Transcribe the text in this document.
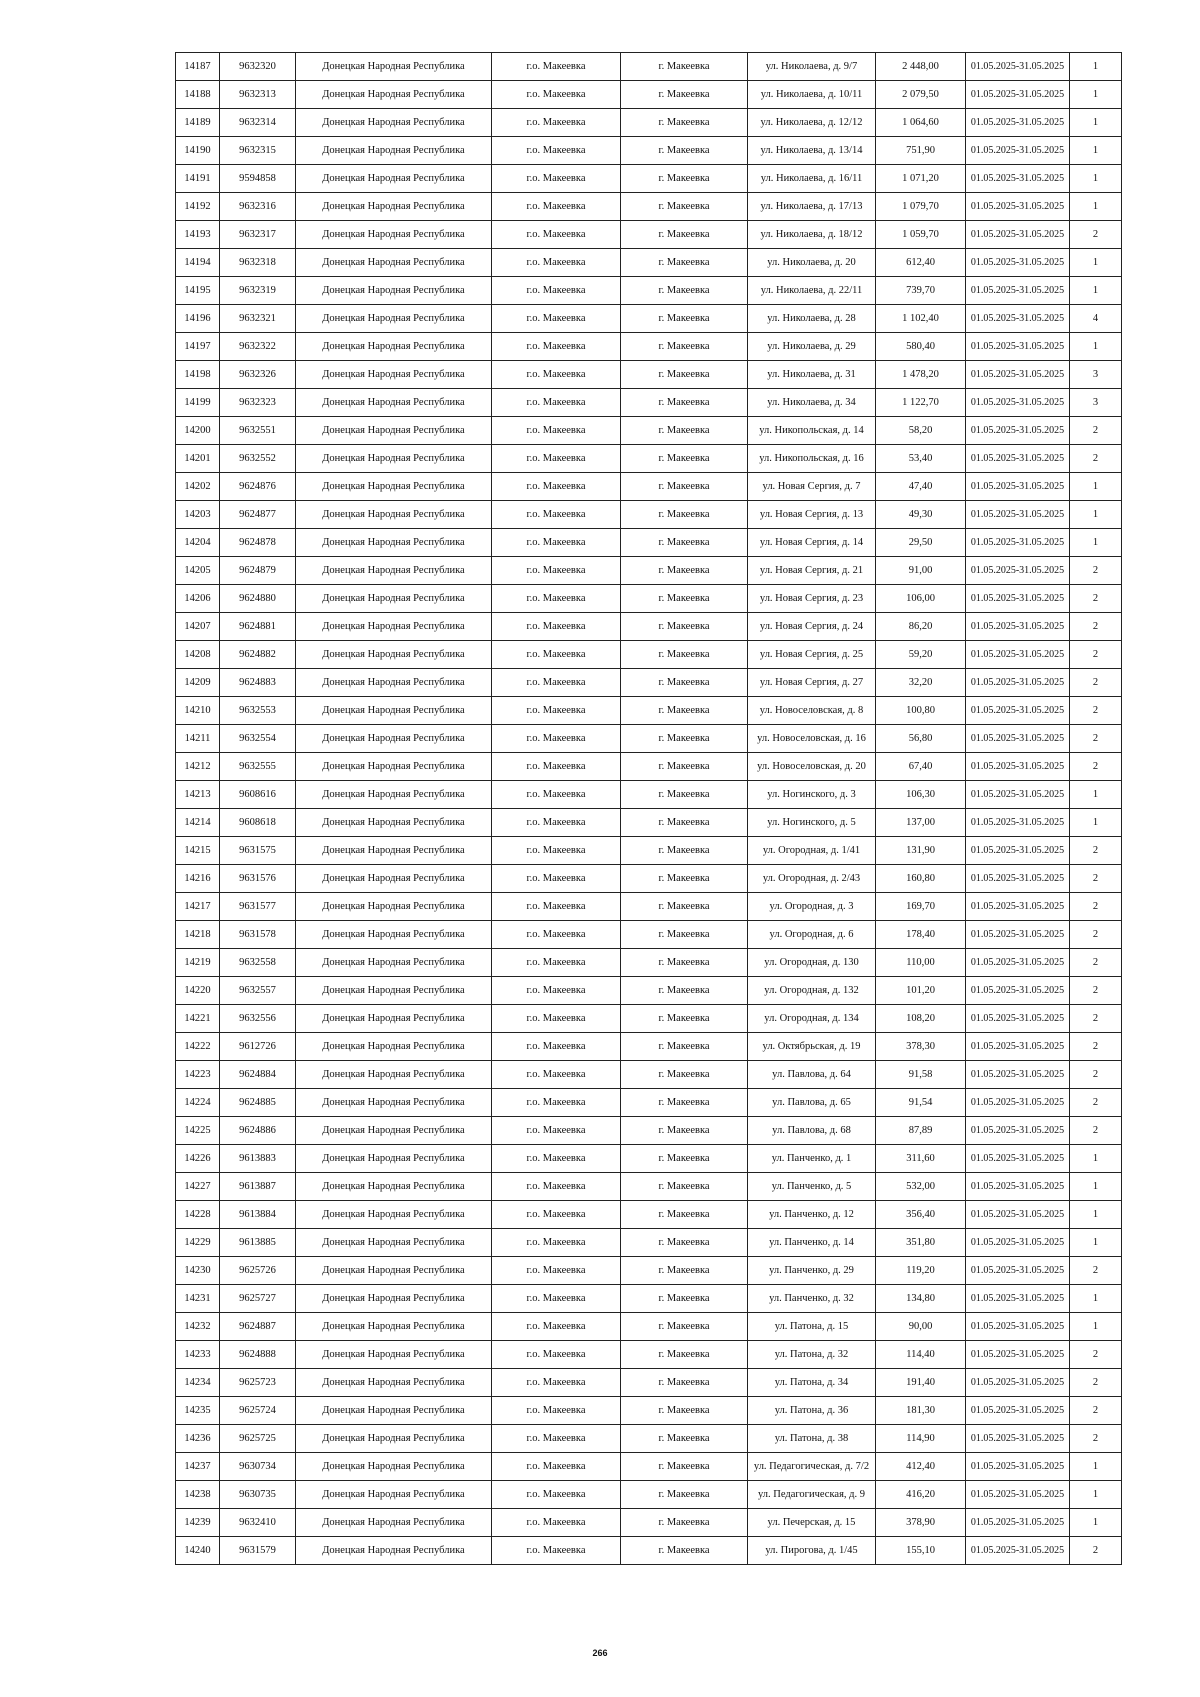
14187	9632320	Донецкая Народная Республика	г.о. Макеевка	г. Макеевка	ул. Николаева, д. 9/7	2 448,00	01.05.2025-31.05.2025	1
14188	9632313	Донецкая Народная Республика	г.о. Макеевка	г. Макеевка	ул. Николаева, д. 10/11	2 079,50	01.05.2025-31.05.2025	1
14189	9632314	Донецкая Народная Республика	г.о. Макеевка	г. Макеевка	ул. Николаева, д. 12/12	1 064,60	01.05.2025-31.05.2025	1
14190	9632315	Донецкая Народная Республика	г.о. Макеевка	г. Макеевка	ул. Николаева, д. 13/14	751,90	01.05.2025-31.05.2025	1
14191	9594858	Донецкая Народная Республика	г.о. Макеевка	г. Макеевка	ул. Николаева, д. 16/11	1 071,20	01.05.2025-31.05.2025	1
14192	9632316	Донецкая Народная Республика	г.о. Макеевка	г. Макеевка	ул. Николаева, д. 17/13	1 079,70	01.05.2025-31.05.2025	1
14193	9632317	Донецкая Народная Республика	г.о. Макеевка	г. Макеевка	ул. Николаева, д. 18/12	1 059,70	01.05.2025-31.05.2025	2
14194	9632318	Донецкая Народная Республика	г.о. Макеевка	г. Макеевка	ул. Николаева, д. 20	612,40	01.05.2025-31.05.2025	1
14195	9632319	Донецкая Народная Республика	г.о. Макеевка	г. Макеевка	ул. Николаева, д. 22/11	739,70	01.05.2025-31.05.2025	1
14196	9632321	Донецкая Народная Республика	г.о. Макеевка	г. Макеевка	ул. Николаева, д. 28	1 102,40	01.05.2025-31.05.2025	4
14197	9632322	Донецкая Народная Республика	г.о. Макеевка	г. Макеевка	ул. Николаева, д. 29	580,40	01.05.2025-31.05.2025	1
14198	9632326	Донецкая Народная Республика	г.о. Макеевка	г. Макеевка	ул. Николаева, д. 31	1 478,20	01.05.2025-31.05.2025	3
14199	9632323	Донецкая Народная Республика	г.о. Макеевка	г. Макеевка	ул. Николаева, д. 34	1 122,70	01.05.2025-31.05.2025	3
14200	9632551	Донецкая Народная Республика	г.о. Макеевка	г. Макеевка	ул. Никопольская, д. 14	58,20	01.05.2025-31.05.2025	2
14201	9632552	Донецкая Народная Республика	г.о. Макеевка	г. Макеевка	ул. Никопольская, д. 16	53,40	01.05.2025-31.05.2025	2
14202	9624876	Донецкая Народная Республика	г.о. Макеевка	г. Макеевка	ул. Новая Сергия, д. 7	47,40	01.05.2025-31.05.2025	1
14203	9624877	Донецкая Народная Республика	г.о. Макеевка	г. Макеевка	ул. Новая Сергия, д. 13	49,30	01.05.2025-31.05.2025	1
14204	9624878	Донецкая Народная Республика	г.о. Макеевка	г. Макеевка	ул. Новая Сергия, д. 14	29,50	01.05.2025-31.05.2025	1
14205	9624879	Донецкая Народная Республика	г.о. Макеевка	г. Макеевка	ул. Новая Сергия, д. 21	91,00	01.05.2025-31.05.2025	2
14206	9624880	Донецкая Народная Республика	г.о. Макеевка	г. Макеевка	ул. Новая Сергия, д. 23	106,00	01.05.2025-31.05.2025	2
14207	9624881	Донецкая Народная Республика	г.о. Макеевка	г. Макеевка	ул. Новая Сергия, д. 24	86,20	01.05.2025-31.05.2025	2
14208	9624882	Донецкая Народная Республика	г.о. Макеевка	г. Макеевка	ул. Новая Сергия, д. 25	59,20	01.05.2025-31.05.2025	2
14209	9624883	Донецкая Народная Республика	г.о. Макеевка	г. Макеевка	ул. Новая Сергия, д. 27	32,20	01.05.2025-31.05.2025	2
14210	9632553	Донецкая Народная Республика	г.о. Макеевка	г. Макеевка	ул. Новоселовская, д. 8	100,80	01.05.2025-31.05.2025	2
14211	9632554	Донецкая Народная Республика	г.о. Макеевка	г. Макеевка	ул. Новоселовская, д. 16	56,80	01.05.2025-31.05.2025	2
14212	9632555	Донецкая Народная Республика	г.о. Макеевка	г. Макеевка	ул. Новоселовская, д. 20	67,40	01.05.2025-31.05.2025	2
14213	9608616	Донецкая Народная Республика	г.о. Макеевка	г. Макеевка	ул. Ногинского, д. 3	106,30	01.05.2025-31.05.2025	1
14214	9608618	Донецкая Народная Республика	г.о. Макеевка	г. Макеевка	ул. Ногинского, д. 5	137,00	01.05.2025-31.05.2025	1
14215	9631575	Донецкая Народная Республика	г.о. Макеевка	г. Макеевка	ул. Огородная, д. 1/41	131,90	01.05.2025-31.05.2025	2
14216	9631576	Донецкая Народная Республика	г.о. Макеевка	г. Макеевка	ул. Огородная, д. 2/43	160,80	01.05.2025-31.05.2025	2
14217	9631577	Донецкая Народная Республика	г.о. Макеевка	г. Макеевка	ул. Огородная, д. 3	169,70	01.05.2025-31.05.2025	2
14218	9631578	Донецкая Народная Республика	г.о. Макеевка	г. Макеевка	ул. Огородная, д. 6	178,40	01.05.2025-31.05.2025	2
14219	9632558	Донецкая Народная Республика	г.о. Макеевка	г. Макеевка	ул. Огородная, д. 130	110,00	01.05.2025-31.05.2025	2
14220	9632557	Донецкая Народная Республика	г.о. Макеевка	г. Макеевка	ул. Огородная, д. 132	101,20	01.05.2025-31.05.2025	2
14221	9632556	Донецкая Народная Республика	г.о. Макеевка	г. Макеевка	ул. Огородная, д. 134	108,20	01.05.2025-31.05.2025	2
14222	9612726	Донецкая Народная Республика	г.о. Макеевка	г. Макеевка	ул. Октябрьская, д. 19	378,30	01.05.2025-31.05.2025	2
14223	9624884	Донецкая Народная Республика	г.о. Макеевка	г. Макеевка	ул. Павлова, д. 64	91,58	01.05.2025-31.05.2025	2
14224	9624885	Донецкая Народная Республика	г.о. Макеевка	г. Макеевка	ул. Павлова, д. 65	91,54	01.05.2025-31.05.2025	2
14225	9624886	Донецкая Народная Республика	г.о. Макеевка	г. Макеевка	ул. Павлова, д. 68	87,89	01.05.2025-31.05.2025	2
14226	9613883	Донецкая Народная Республика	г.о. Макеевка	г. Макеевка	ул. Панченко, д. 1	311,60	01.05.2025-31.05.2025	1
14227	9613887	Донецкая Народная Республика	г.о. Макеевка	г. Макеевка	ул. Панченко, д. 5	532,00	01.05.2025-31.05.2025	1
14228	9613884	Донецкая Народная Республика	г.о. Макеевка	г. Макеевка	ул. Панченко, д. 12	356,40	01.05.2025-31.05.2025	1
14229	9613885	Донецкая Народная Республика	г.о. Макеевка	г. Макеевка	ул. Панченко, д. 14	351,80	01.05.2025-31.05.2025	1
14230	9625726	Донецкая Народная Республика	г.о. Макеевка	г. Макеевка	ул. Панченко, д. 29	119,20	01.05.2025-31.05.2025	2
14231	9625727	Донецкая Народная Республика	г.о. Макеевка	г. Макеевка	ул. Панченко, д. 32	134,80	01.05.2025-31.05.2025	1
14232	9624887	Донецкая Народная Республика	г.о. Макеевка	г. Макеевка	ул. Патона, д. 15	90,00	01.05.2025-31.05.2025	1
14233	9624888	Донецкая Народная Республика	г.о. Макеевка	г. Макеевка	ул. Патона, д. 32	114,40	01.05.2025-31.05.2025	2
14234	9625723	Донецкая Народная Республика	г.о. Макеевка	г. Макеевка	ул. Патона, д. 34	191,40	01.05.2025-31.05.2025	2
14235	9625724	Донецкая Народная Республика	г.о. Макеевка	г. Макеевка	ул. Патона, д. 36	181,30	01.05.2025-31.05.2025	2
14236	9625725	Донецкая Народная Республика	г.о. Макеевка	г. Макеевка	ул. Патона, д. 38	114,90	01.05.2025-31.05.2025	2
14237	9630734	Донецкая Народная Республика	г.о. Макеевка	г. Макеевка	ул. Педагогическая, д. 7/2	412,40	01.05.2025-31.05.2025	1
14238	9630735	Донецкая Народная Республика	г.о. Макеевка	г. Макеевка	ул. Педагогическая, д. 9	416,20	01.05.2025-31.05.2025	1
14239	9632410	Донецкая Народная Республика	г.о. Макеевка	г. Макеевка	ул. Печерская, д. 15	378,90	01.05.2025-31.05.2025	1
14240	9631579	Донецкая Народная Республика	г.о. Макеевка	г. Макеевка	ул. Пирогова, д. 1/45	155,10	01.05.2025-31.05.2025	2
266
